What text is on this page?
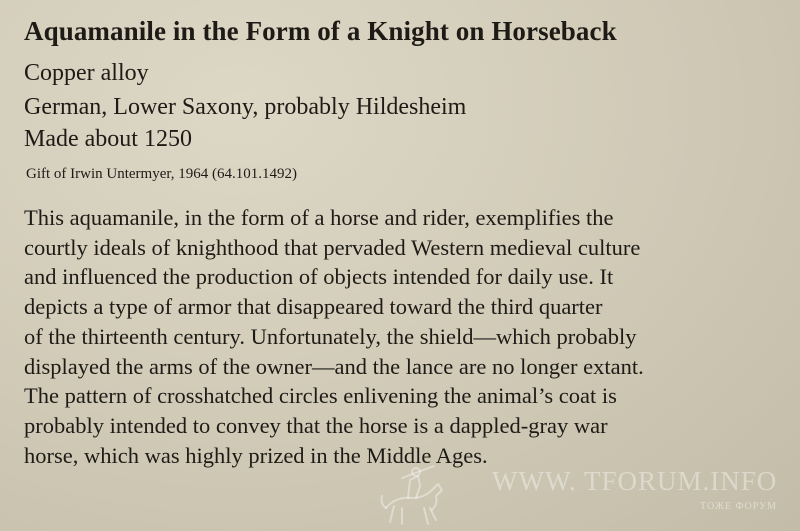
Aquamanile in the Form of a Knight on Horseback
Copper alloy
German, Lower Saxony, probably Hildesheim
Made about 1250
Gift of Irwin Untermyer, 1964 (64.101.1492)
This aquamanile, in the form of a horse and rider, exemplifies the
courtly ideals of knighthood that pervaded Western medieval culture
and influenced the production of objects intended for daily use. It
depicts a type of armor that disappeared toward the third quarter
of the thirteenth century. Unfortunately, the shield—which probably
displayed the arms of the owner—and the lance are no longer extant.
The pattern of crosshatched circles enlivening the animal’s coat is
probably intended to convey that the horse is a dappled-gray war
horse, which was highly prized in the Middle Ages.
WWW. TFORUM.INFO
ТОЖЕ ФОРУМ
